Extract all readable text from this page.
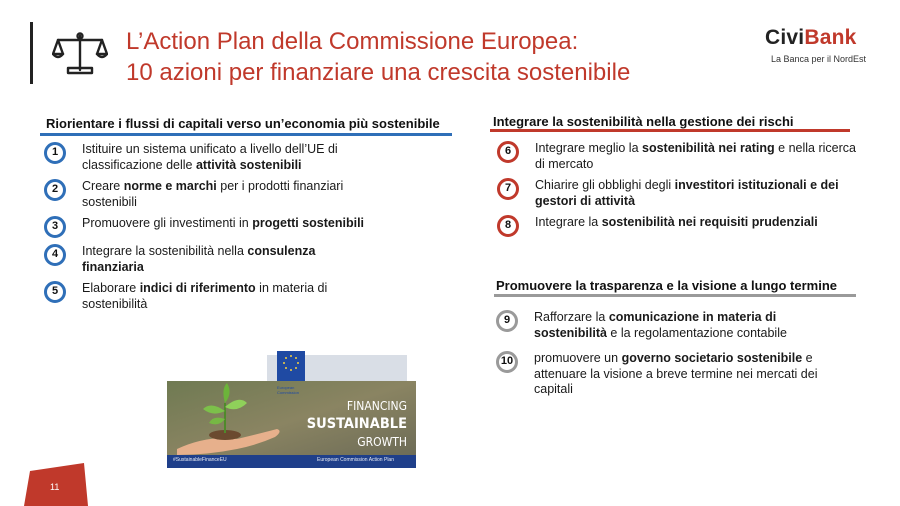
L’Action Plan della Commissione Europea:
10 azioni per finanziare una crescita sostenibile
CiviBank
La Banca per il NordEst
Riorientare i flussi di capitali verso un’economia più sostenibile
1	Istituire un sistema unificato a livello dell’UE di classificazione delle attività sostenibili
2	Creare norme e marchi per i prodotti finanziari sostenibili
3	Promuovere gli investimenti in progetti sostenibili
4	Integrare la sostenibilità nella consulenza finanziaria
5	Elaborare indici di riferimento in materia di sostenibilità
Integrare la sostenibilità nella gestione dei rischi
6	Integrare meglio la sostenibilità nei rating e nella ricerca di mercato
7	Chiarire gli obblighi degli investitori istituzionali e dei gestori di attività
8	Integrare la sostenibilità nei requisiti prudenziali
Promuovere la trasparenza e la visione a lungo termine
9	Rafforzare la comunicazione in materia di sostenibilità e la regolamentazione contabile
10	promuovere un governo societario sostenibile e attenuare la visione a breve termine nei mercati dei capitali
European
Commission
FINANCING
SUSTAINABLE
GROWTH
#SustainableFinanceEU	European Commission Action Plan
11
